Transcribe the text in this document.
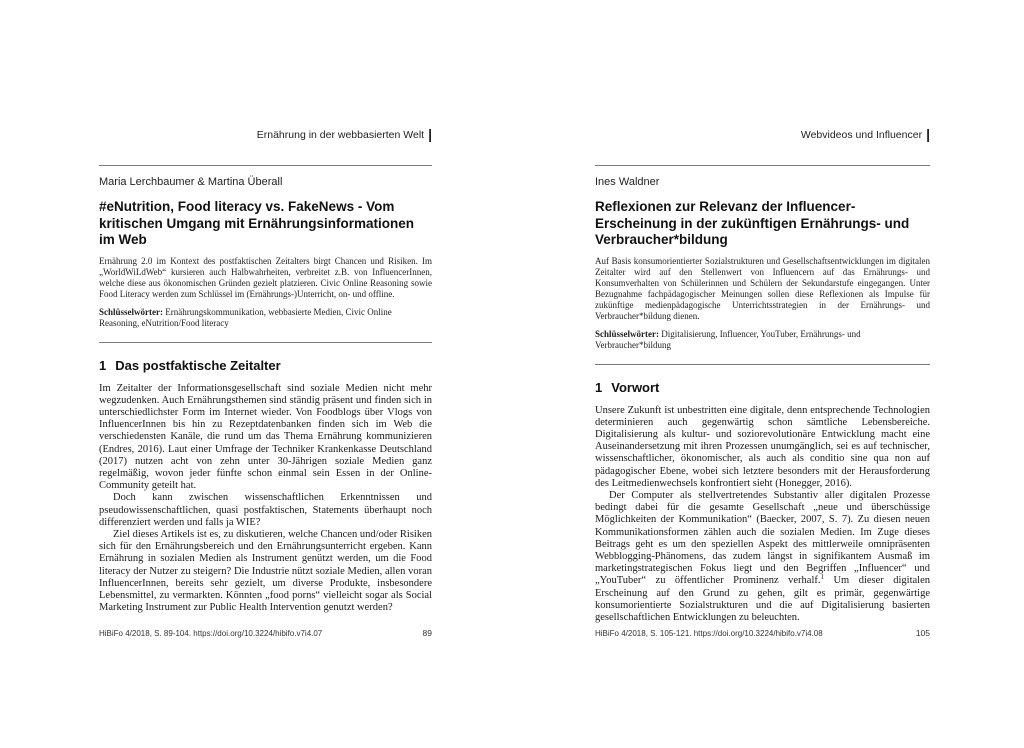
Ernährung in der webbasierten Welt |
Maria Lerchbaumer & Martina Überall
#eNutrition, Food literacy vs. FakeNews - Vom kritischen Umgang mit Ernährungsinformationen im Web
Ernährung 2.0 im Kontext des postfaktischen Zeitalters birgt Chancen und Risiken. Im „WorldWiLdWeb“ kursieren auch Halbwahrheiten, verbreitet z.B. von InfluencerInnen, welche diese aus ökonomischen Gründen gezielt platzieren. Civic Online Reasoning sowie Food Literacy werden zum Schlüssel im (Ernährungs-)Unterricht, on- und offline.
Schlüsselwörter: Ernährungskommunikation, webbasierte Medien, Civic Online Reasoning, eNutrition/Food literacy
1 Das postfaktische Zeitalter

Im Zeitalter der Informationsgesellschaft sind soziale Medien nicht mehr wegzudenken. Auch Ernährungsthemen sind ständig präsent und finden sich in unterschiedlichster Form im Internet wieder. Von Foodblogs über Vlogs von InfluencerInnen bis hin zu Rezeptdatenbanken finden sich im Web die verschiedensten Kanäle, die rund um das Thema Ernährung kommunizieren (Endres, 2016). Laut einer Umfrage der Techniker Krankenkasse Deutschland (2017) nutzen acht von zehn unter 30-Jährigen soziale Medien ganz regelmäßig, wovon jeder fünfte schon einmal sein Essen in der Online-Community geteilt hat.

Doch kann zwischen wissenschaftlichen Erkenntnissen und pseudowissenschaftlichen, quasi postfaktischen, Statements überhaupt noch differenziert werden und falls ja WIE?

Ziel dieses Artikels ist es, zu diskutieren, welche Chancen und/oder Risiken sich für den Ernährungsbereich und den Ernährungsunterricht ergeben. Kann Ernährung in sozialen Medien als Instrument genützt werden, um die Food literacy der Nutzer zu steigern? Die Industrie nützt soziale Medien, allen voran InfluencerInnen, bereits sehr gezielt, um diverse Produkte, insbesondere Lebensmittel, zu vermarkten. Könnten „food porns“ vielleicht sogar als Social Marketing Instrument zur Public Health Intervention genutzt werden?

HiBiFo 4/2018, S. 89-104. https://doi.org/10.3224/hibifo.v7i4.07	89
Webvideos und Influencer |
Ines Waldner
Reflexionen zur Relevanz der Influencer-Erscheinung in der zukünftigen Ernährungs- und Verbraucher*bildung
Auf Basis konsumorientierter Sozialstrukturen und Gesellschaftsentwicklungen im digitalen Zeitalter wird auf den Stellenwert von Influencern auf das Ernährungs- und Konsumverhalten von Schülerinnen und Schülern der Sekundarstufe eingegangen. Unter Bezugnahme fachpädagogischer Meinungen sollen diese Reflexionen als Impulse für zukünftige medienpädagogische Unterrichtsstrategien in der Ernährungs- und Verbraucher*bildung dienen.
Schlüsselwörter: Digitalisierung, Influencer, YouTuber, Ernährungs- und Verbraucher*bildung
1 Vorwort

Unsere Zukunft ist unbestritten eine digitale, denn entsprechende Technologien determinieren auch gegenwärtig schon sämtliche Lebensbereiche. Digitalisierung als kultur- und soziorevolutionäre Entwicklung macht eine Auseinandersetzung mit ihren Prozessen unumgänglich, sei es auf technischer, wissenschaftlicher, ökonomischer, als auch als conditio sine qua non auf pädagogischer Ebene, wobei sich letztere besonders mit der Herausforderung des Leitmedienwechsels konfrontiert sieht (Honegger, 2016).

Der Computer als stellvertretendes Substantiv aller digitalen Prozesse bedingt dabei für die gesamte Gesellschaft „neue und überschüssige Möglichkeiten der Kommunikation“ (Baecker, 2007, S. 7). Zu diesen neuen Kommunikationsformen zählen auch die sozialen Medien. Im Zuge dieses Beitrags geht es um den speziellen Aspekt des mittlerweile omnipräsenten Webblogging-Phänomens, das zudem längst in signifikantem Ausmaß im marketingstrategischen Fokus liegt und den Begriffen „Influencer“ und „YouTuber“ zu öffentlicher Prominenz verhalf.$^1$ Um dieser digitalen Erscheinung auf den Grund zu gehen, gilt es primär, gegenwärtige konsumorientierte Sozialstrukturen und die auf Digitalisierung basierten gesellschaftlichen Entwicklungen zu beleuchten.

HiBiFo 4/2018, S. 105-121. https://doi.org/10.3224/hibifo.v7i4.08	105
